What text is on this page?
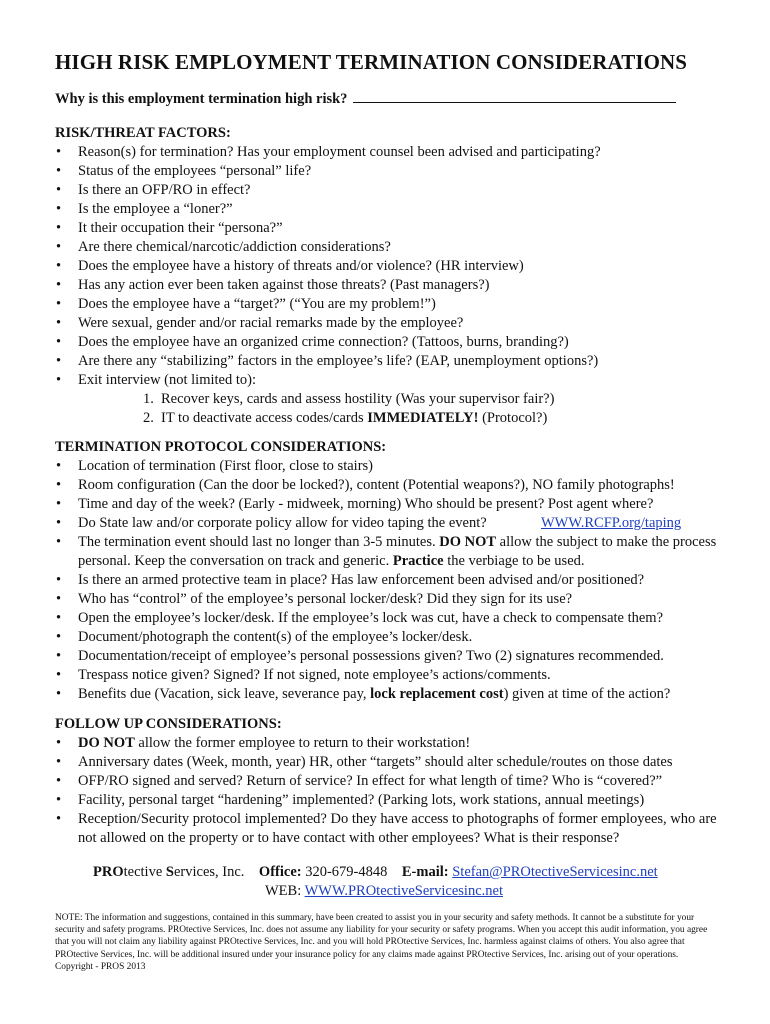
HIGH RISK EMPLOYMENT TERMINATION CONSIDERATIONS
Why is this employment termination high risk?
RISK/THREAT FACTORS:
• Reason(s) for termination? Has your employment counsel been advised and participating?
• Status of the employees “personal” life?
• Is there an OFP/RO in effect?
• Is the employee a “loner?”
• It their occupation their “persona?”
• Are there chemical/narcotic/addiction considerations?
• Does the employee have a history of threats and/or violence? (HR interview)
• Has any action ever been taken against those threats? (Past managers?)
• Does the employee have a “target?” (“You are my problem!”)
• Were sexual, gender and/or racial remarks made by the employee?
• Does the employee have an organized crime connection? (Tattoos, burns, branding?)
• Are there any “stabilizing” factors in the employee’s life? (EAP, unemployment options?)
• Exit interview (not limited to):
1. Recover keys, cards and assess hostility (Was your supervisor fair?)
2. IT to deactivate access codes/cards IMMEDIATELY! (Protocol?)
TERMINATION PROTOCOL CONSIDERATIONS:
• Location of termination (First floor, close to stairs)
• Room configuration (Can the door be locked?), content (Potential weapons?), NO family photographs!
• Time and day of the week? (Early - midweek, morning) Who should be present? Post agent where?
• Do State law and/or corporate policy allow for video taping the event?	WWW.RCFP.org/taping
• The termination event should last no longer than 3-5 minutes. DO NOT allow the subject to make the process personal. Keep the conversation on track and generic. Practice the verbiage to be used.
• Is there an armed protective team in place? Has law enforcement been advised and/or positioned?
• Who has “control” of the employee’s personal locker/desk? Did they sign for its use?
• Open the employee’s locker/desk. If the employee’s lock was cut, have a check to compensate them?
• Document/photograph the content(s) of the employee’s locker/desk.
• Documentation/receipt of employee’s personal possessions given? Two (2) signatures recommended.
• Trespass notice given? Signed? If not signed, note employee’s actions/comments.
• Benefits due (Vacation, sick leave, severance pay, lock replacement cost) given at time of the action?
FOLLOW UP CONSIDERATIONS:
• DO NOT allow the former employee to return to their workstation!
• Anniversary dates (Week, month, year) HR, other “targets” should alter schedule/routes on those dates
• OFP/RO signed and served? Return of service? In effect for what length of time? Who is “covered?”
• Facility, personal target “hardening” implemented? (Parking lots, work stations, annual meetings)
• Reception/Security protocol implemented? Do they have access to photographs of former employees, who are not allowed on the property or to have contact with other employees? What is their response?
PROtective Services, Inc. Office: 320-679-4848 E-mail: Stefan@PROtectiveServicesinc.net
WEB: WWW.PROtectiveServicesinc.net
NOTE: The information and suggestions, contained in this summary, have been created to assist you in your security and safety methods. It cannot be a substitute for your security and safety programs. PROtective Services, Inc. does not assume any liability for your security or safety programs. When you accept this audit information, you agree that you will not claim any liability against PROtective Services, Inc. and you will hold PROtective Services, Inc. harmless against claims of others. You also agree that PROtective Services, Inc. will be additional insured under your insurance policy for any claims made against PROtective Services, Inc. arising out of your operations. Copyright - PROS 2013
